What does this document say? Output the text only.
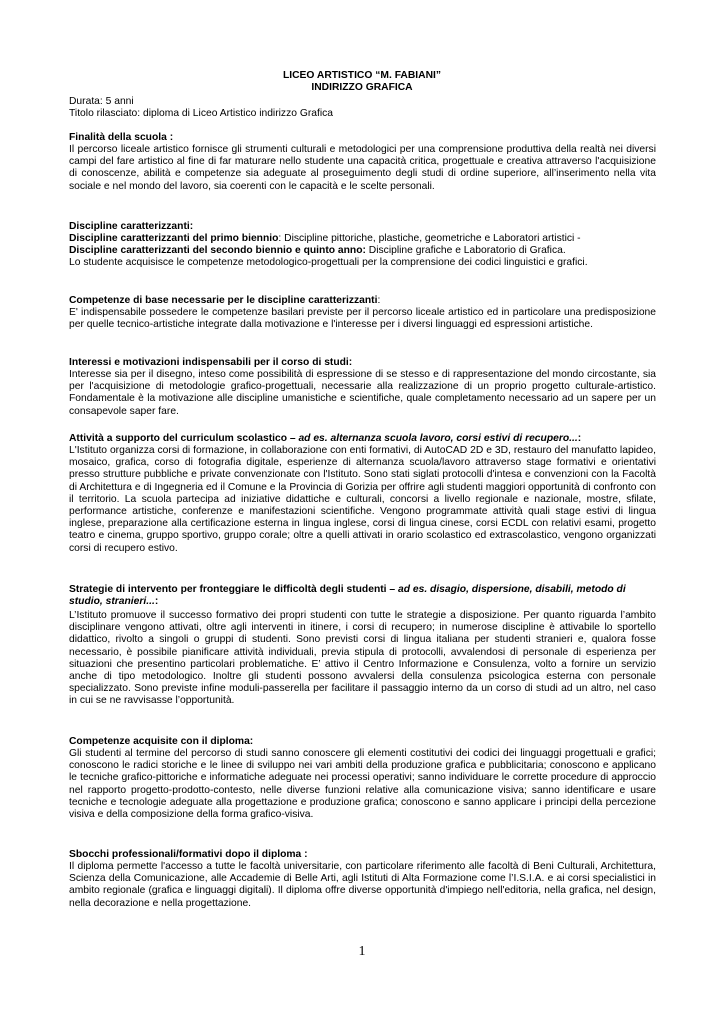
LICEO ARTISTICO “M. FABIANI”
INDIRIZZO GRAFICA
Durata: 5 anni
Titolo rilasciato: diploma di Liceo Artistico indirizzo Grafica
Finalità della scuola :

Il percorso liceale artistico fornisce gli strumenti culturali e metodologici per una comprensione produttiva della realtà nei diversi campi del fare artistico al fine di far maturare nello studente una capacità critica, progettuale e creativa attraverso l'acquisizione di conoscenze, abilità e competenze sia adeguate al proseguimento degli studi di ordine superiore, all’inserimento nella vita sociale e nel mondo del lavoro, sia coerenti con le capacità e le scelte personali.

Discipline caratterizzanti:
Discipline caratterizzanti del primo biennio: Discipline pittoriche, plastiche, geometriche e Laboratori artistici -
Discipline caratterizzanti del secondo biennio e quinto anno: Discipline grafiche e Laboratorio di Grafica.
Lo studente acquisisce le competenze metodologico-progettuali per la comprensione dei codici linguistici e grafici.
Competenze di base necessarie per le discipline caratterizzanti:

E' indispensabile possedere le competenze basilari previste per il percorso liceale artistico ed in particolare una predisposizione per quelle tecnico-artistiche integrate dalla motivazione e l'interesse per i diversi linguaggi ed espressioni artistiche.

Interessi e motivazioni indispensabili per il corso di studi:

Interesse sia per il disegno, inteso come possibilità di espressione di se stesso e di rappresentazione del mondo circostante, sia per l'acquisizione di metodologie grafico-progettuali, necessarie alla realizzazione di un proprio progetto culturale-artistico. Fondamentale è la motivazione alle discipline umanistiche e scientifiche, quale completamento necessario ad un sapere per un consapevole saper fare.

Attività a supporto del curriculum scolastico – ad es. alternanza scuola lavoro, corsi estivi di recupero...:

L'Istituto organizza corsi di formazione, in collaborazione con enti formativi, di AutoCAD 2D e 3D, restauro del manufatto lapideo, mosaico, grafica, corso di fotografia digitale, esperienze di alternanza scuola/lavoro attraverso stage formativi e orientativi presso strutture pubbliche e private convenzionate con l'Istituto. Sono stati siglati protocolli d'intesa e convenzioni con la Facoltà di Architettura e di Ingegneria ed il Comune e la Provincia di Gorizia per offrire agli studenti maggiori opportunità di confronto con il territorio. La scuola partecipa ad iniziative didattiche e culturali, concorsi a livello regionale e nazionale, mostre, sfilate, performance artistiche, conferenze e manifestazioni scientifiche. Vengono programmate attività quali stage estivi di lingua inglese, preparazione alla certificazione esterna in lingua inglese, corsi di lingua cinese, corsi ECDL con relativi esami, progetto teatro e cinema, gruppo sportivo, gruppo corale; oltre a quelli attivati in orario scolastico ed extrascolastico, vengono organizzati corsi di recupero estivo.

Strategie di intervento per fronteggiare le difficoltà degli studenti – ad es. disagio, dispersione, disabili, metodo di studio, stranieri...:

L’Istituto promuove il successo formativo dei propri studenti con tutte le strategie a disposizione. Per quanto riguarda l’ambito disciplinare vengono attivati, oltre agli interventi in itinere, i corsi di recupero; in numerose discipline è attivabile lo sportello didattico, rivolto a singoli o gruppi di studenti. Sono previsti corsi di lingua italiana per studenti stranieri e, qualora fosse necessario, è possibile pianificare attività individuali, previa stipula di protocolli, avvalendosi di personale di esperienza per situazioni che presentino particolari problematiche. E’ attivo il Centro Informazione e Consulenza, volto a fornire un servizio anche di tipo metodologico. Inoltre gli studenti possono avvalersi della consulenza psicologica esterna con personale specializzato. Sono previste infine moduli-passerella per facilitare il passaggio interno da un corso di studi ad un altro, nel caso in cui se ne ravvisasse l’opportunità.

Competenze acquisite con il diploma:

Gli studenti al termine del percorso di studi sanno conoscere gli elementi costitutivi dei codici dei linguaggi progettuali e grafici; conoscono le radici storiche e le linee di sviluppo nei vari ambiti della produzione grafica e pubblicitaria; conoscono e applicano le tecniche grafico-pittoriche e informatiche adeguate nei processi operativi; sanno individuare le corrette procedure di approccio nel rapporto progetto-prodotto-contesto, nelle diverse funzioni relative alla comunicazione visiva; sanno identificare e usare tecniche e tecnologie adeguate alla progettazione e produzione grafica; conoscono e sanno applicare i principi della percezione visiva e della composizione della forma grafico-visiva.

Sbocchi professionali/formativi dopo il diploma :

Il diploma permette l'accesso a tutte le facoltà universitarie, con particolare riferimento alle facoltà di Beni Culturali, Architettura, Scienza della Comunicazione, alle Accademie di Belle Arti, agli Istituti di Alta Formazione come l’I.S.I.A. e ai corsi specialistici in ambito regionale (grafica e linguaggi digitali). Il diploma offre diverse opportunità d'impiego nell'editoria, nella grafica, nel design, nella decorazione e nella progettazione.

1
